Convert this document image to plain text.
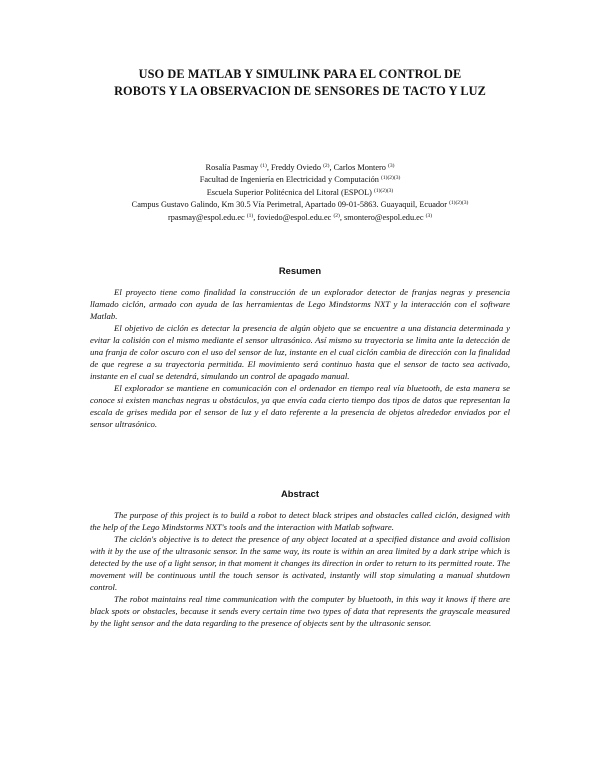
USO DE MATLAB Y SIMULINK PARA EL CONTROL DE
ROBOTS Y LA OBSERVACION DE SENSORES DE TACTO Y LUZ
Rosalía Pasmay $^{(1)}$, Freddy Oviedo $^{(2)}$, Carlos Montero $^{(3)}$
Facultad de Ingeniería en Electricidad y Computación $^{(1)(2)(3)}$
Escuela Superior Politécnica del Litoral (ESPOL) $^{(1)(2)(3)}$
Campus Gustavo Galindo, Km 30.5 Vía Perimetral, Apartado 09-01-5863. Guayaquil, Ecuador $^{(1)(2)(3)}$
rpasmay@espol.edu.ec $^{(1)}$, foviedo@espol.edu.ec $^{(2)}$, smontero@espol.edu.ec $^{(3)}$
Resumen

El proyecto tiene como finalidad la construcción de un explorador detector de franjas negras y presencia llamado ciclón, armado con ayuda de las herramientas de Lego Mindstorms NXT y la interacción con el software Matlab.

El objetivo de ciclón es detectar la presencia de algún objeto que se encuentre a una distancia determinada y evitar la colisión con el mismo mediante el sensor ultrasónico. Así mismo su trayectoria se limita ante la detección de una franja de color oscuro con el uso del sensor de luz, instante en el cual ciclón cambia de dirección con la finalidad de que regrese a su trayectoria permitida. El movimiento será continuo hasta que el sensor de tacto sea activado, instante en el cual se detendrá, simulando un control de apagado manual.

El explorador se mantiene en comunicación con el ordenador en tiempo real vía bluetooth, de esta manera se conoce si existen manchas negras u obstáculos, ya que envía cada cierto tiempo dos tipos de datos que representan la escala de grises medida por el sensor de luz y el dato referente a la presencia de objetos alrededor enviados por el sensor ultrasónico.

Abstract

The purpose of this project is to build a robot to detect black stripes and obstacles called ciclón, designed with the help of the Lego Mindstorms NXT's tools and the interaction with Matlab software.

The ciclón's objective is to detect the presence of any object located at a specified distance and avoid collision with it by the use of the ultrasonic sensor. In the same way, its route is within an area limited by a dark stripe which is detected by the use of a light sensor, in that moment it changes its direction in order to return to its permitted route. The movement will be continuous until the touch sensor is activated, instantly will stop simulating a manual shutdown control.

The robot maintains real time communication with the computer by bluetooth, in this way it knows if there are black spots or obstacles, because it sends every certain time two types of data that represents the grayscale measured by the light sensor and the data regarding to the presence of objects sent by the ultrasonic sensor.
